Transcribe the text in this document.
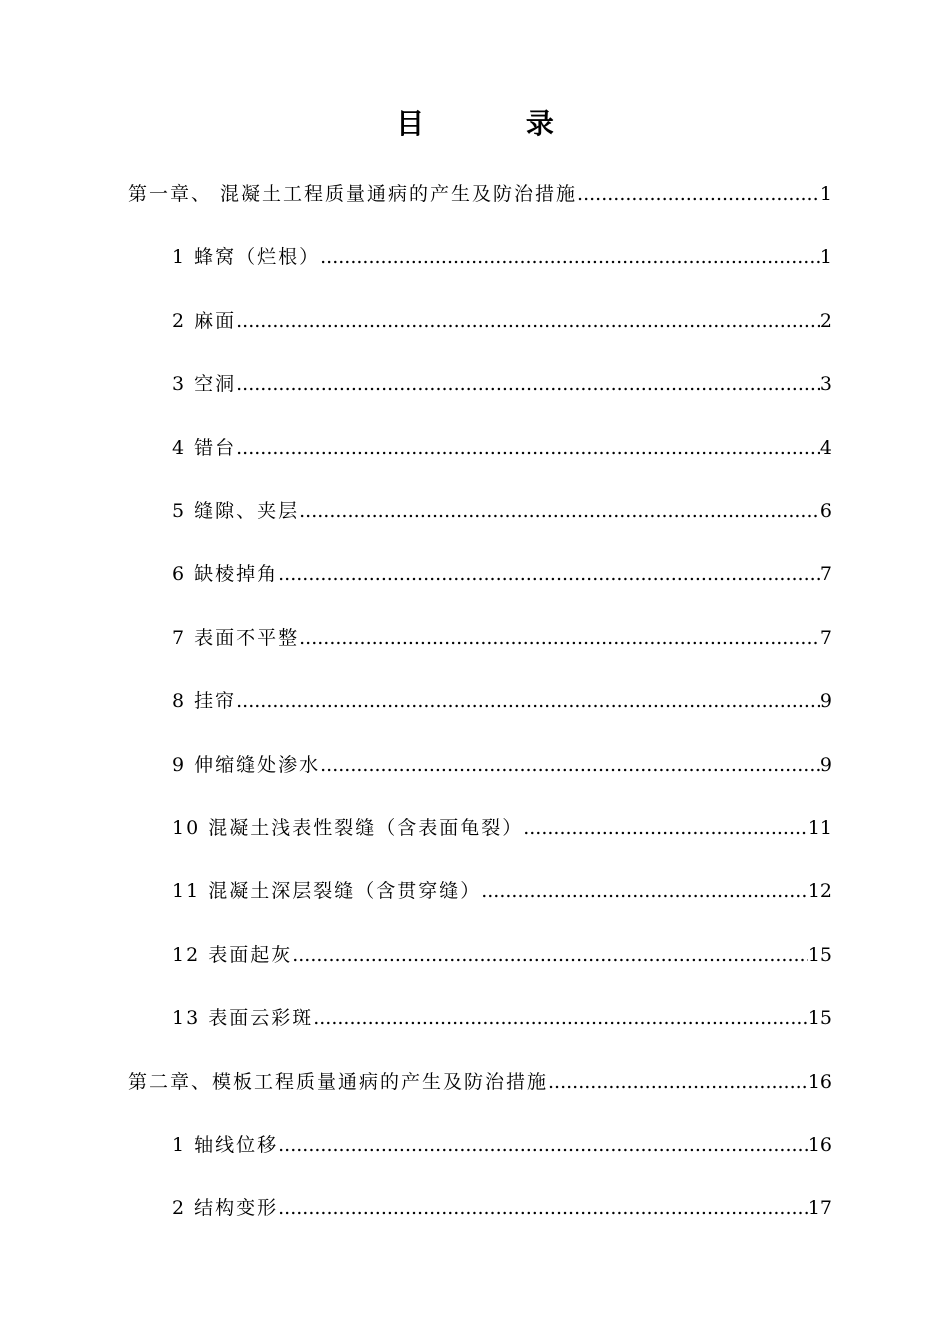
目 录
第一章、 混凝土工程质量通病的产生及防治措施 .....	1
1 蜂窝（烂根） .....	1
2 麻面 .....	2
3 空洞 .....	3
4 错台 .....	4
5 缝隙、夹层 .....	6
6 缺棱掉角 .....	7
7 表面不平整 .....	7
8 挂帘 .....	9
9 伸缩缝处渗水 .....	9
10 混凝土浅表性裂缝（含表面龟裂） .....	11
11 混凝土深层裂缝（含贯穿缝） .....	12
12 表面起灰 .....	15
13 表面云彩斑 .....	15
第二章、模板工程质量通病的产生及防治措施 .....	16
1 轴线位移 .....	16
2 结构变形 .....	17
